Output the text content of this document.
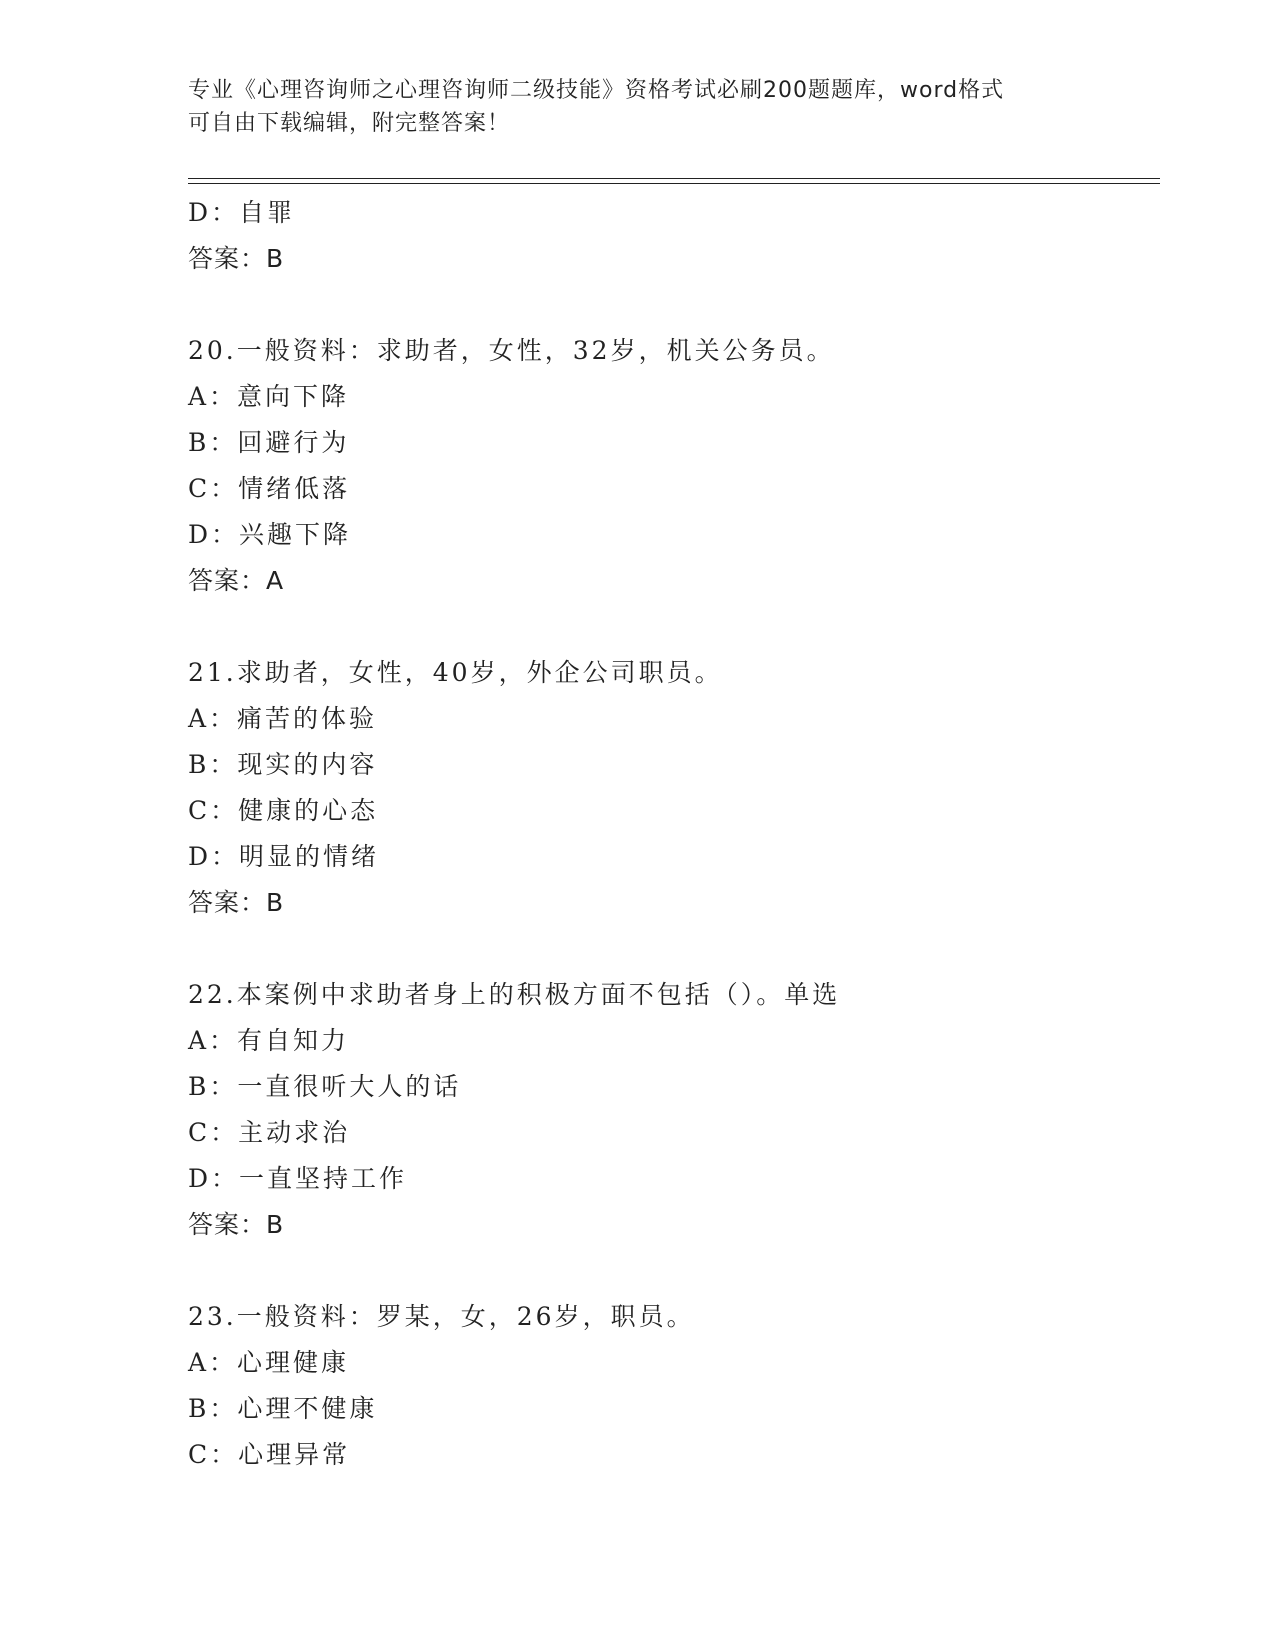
专业《心理咨询师之心理咨询师二级技能》资格考试必刷200题题库，word格式
可自由下载编辑，附完整答案！
D：自罪
答案：B
20.一般资料：求助者，女性，32岁，机关公务员。
A：意向下降
B：回避行为
C：情绪低落
D：兴趣下降
答案：A
21.求助者，女性，40岁，外企公司职员。
A：痛苦的体验
B：现实的内容
C：健康的心态
D：明显的情绪
答案：B
22.本案例中求助者身上的积极方面不包括（）。单选
A：有自知力
B：一直很听大人的话
C：主动求治
D：一直坚持工作
答案：B
23.一般资料：罗某，女，26岁，职员。
A：心理健康
B：心理不健康
C：心理异常
